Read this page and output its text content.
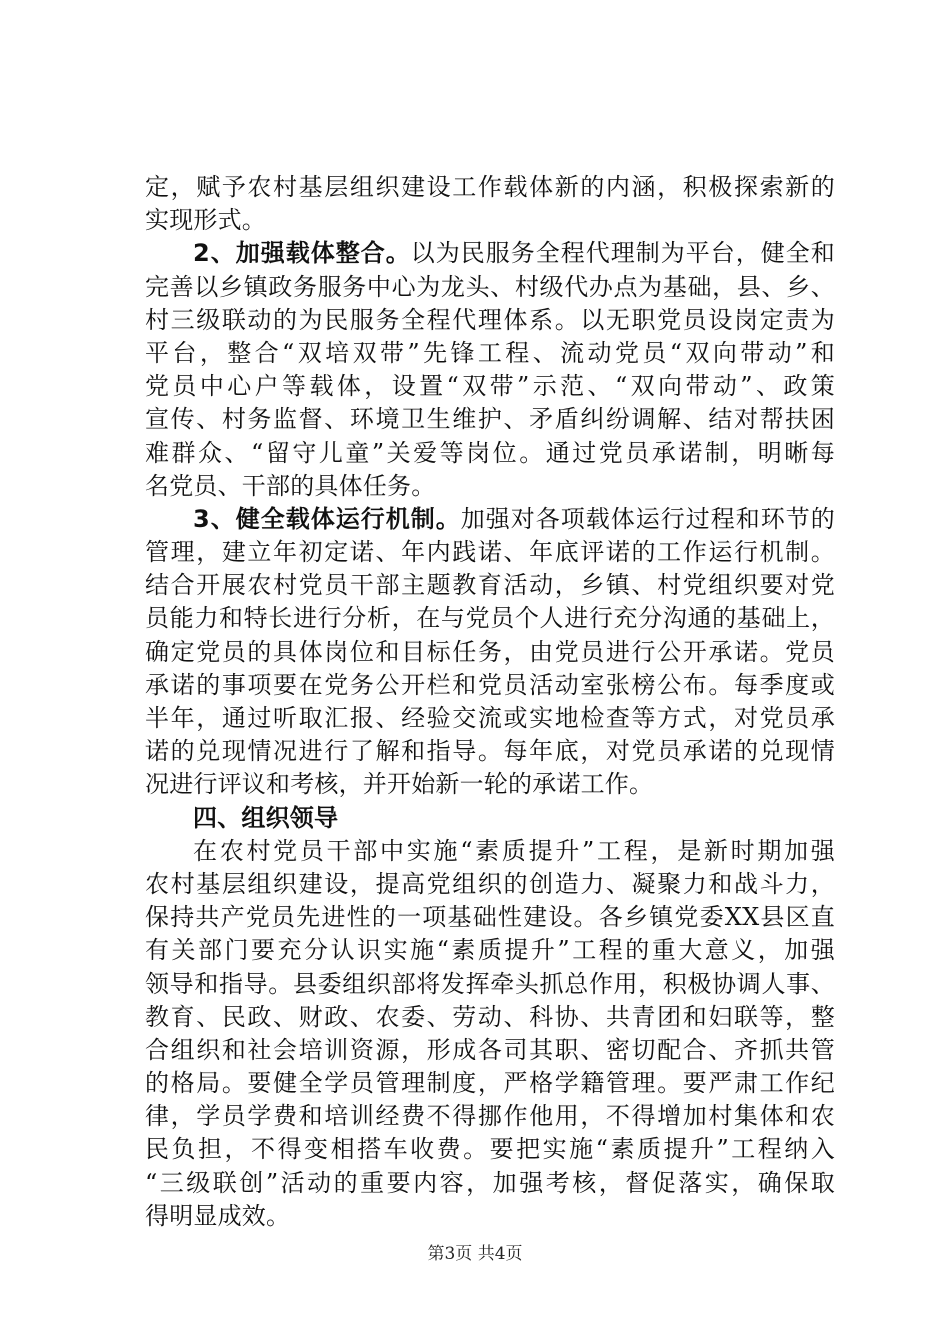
定，赋予农村基层组织建设工作载体新的内涵，积极探索新的
实现形式。
2、加强载体整合。以为民服务全程代理制为平台，健全和
完善以乡镇政务服务中心为龙头、村级代办点为基础，县、乡、
村三级联动的为民服务全程代理体系。以无职党员设岗定责为
平台，整合“双培双带”先锋工程、流动党员“双向带动”和
党员中心户等载体，设置“双带”示范、“双向带动”、政策
宣传、村务监督、环境卫生维护、矛盾纠纷调解、结对帮扶困
难群众、“留守儿童”关爱等岗位。通过党员承诺制，明晰每
名党员、干部的具体任务。
3、健全载体运行机制。加强对各项载体运行过程和环节的
管理，建立年初定诺、年内践诺、年底评诺的工作运行机制。
结合开展农村党员干部主题教育活动，乡镇、村党组织要对党
员能力和特长进行分析，在与党员个人进行充分沟通的基础上，
确定党员的具体岗位和目标任务，由党员进行公开承诺。党员
承诺的事项要在党务公开栏和党员活动室张榜公布。每季度或
半年，通过听取汇报、经验交流或实地检查等方式，对党员承
诺的兑现情况进行了解和指导。每年底，对党员承诺的兑现情
况进行评议和考核，并开始新一轮的承诺工作。
四、组织领导
在农村党员干部中实施“素质提升”工程，是新时期加强
农村基层组织建设，提高党组织的创造力、凝聚力和战斗力，
保持共产党员先进性的一项基础性建设。各乡镇党委XX县区直
有关部门要充分认识实施“素质提升”工程的重大意义，加强
领导和指导。县委组织部将发挥牵头抓总作用，积极协调人事、
教育、民政、财政、农委、劳动、科协、共青团和妇联等，整
合组织和社会培训资源，形成各司其职、密切配合、齐抓共管
的格局。要健全学员管理制度，严格学籍管理。要严肃工作纪
律，学员学费和培训经费不得挪作他用，不得增加村集体和农
民负担，不得变相搭车收费。要把实施“素质提升”工程纳入
“三级联创”活动的重要内容，加强考核，督促落实，确保取
得明显成效。
第3页 共4页
